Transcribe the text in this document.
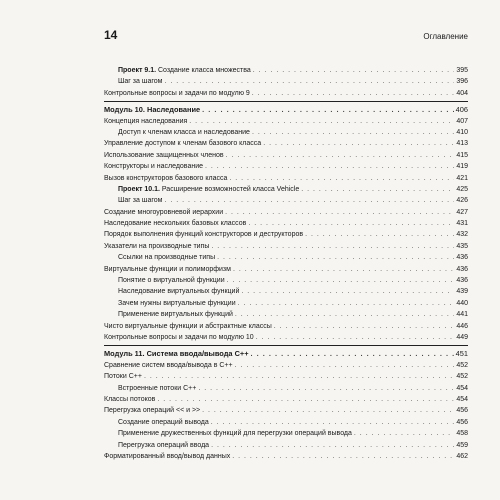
14	Оглавление
Проект 9.1. Создание класса множества . . .	395
Шаг за шагом . . .	396
Контрольные вопросы и задачи по модулю 9 . . .	404
Модуль 10. Наследование . . .	406
Концепция наследования . . .	407
Доступ к членам класса и наследование . . .	410
Управление доступом к членам базового класса . . .	413
Использование защищенных членов . . .	415
Конструкторы и наследование . . .	419
Вызов конструкторов базового класса . . .	421
Проект 10.1. Расширение возможностей класса Vehicle . . .	425
Шаг за шагом . . .	426
Создание многоуровневой иерархии . . .	427
Наследование нескольких базовых классов . . .	431
Порядок выполнения функций конструкторов и деструкторов . . .	432
Указатели на производные типы . . .	435
Ссылки на производные типы . . .	436
Виртуальные функции и полиморфизм . . .	436
Понятие о виртуальной функции . . .	436
Наследование виртуальных функций . . .	439
Зачем нужны виртуальные функции . . .	440
Применение виртуальных функций . . .	441
Чисто виртуальные функции и абстрактные классы . . .	446
Контрольные вопросы и задачи по модулю 10 . . .	449
Модуль 11. Система ввода/вывода С++ . . .	451
Сравнение систем ввода/вывода в С++ . . .	452
Потоки С++ . . .	452
Встроенные потоки С++ . . .	454
Классы потоков . . .	454
Перегрузка операций << и >> . . .	456
Создание операций вывода . . .	456
Применение дружественных функций для перегрузки операций вывода . . .	458
Перегрузка операций ввода . . .	459
Форматированный ввод/вывод данных . . .	462
